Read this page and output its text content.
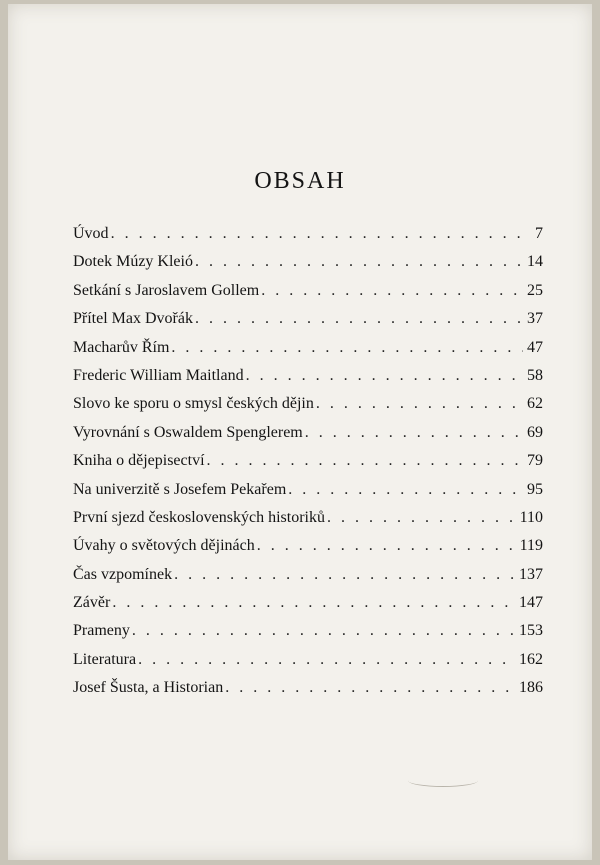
OBSAH
Úvod . . .	7
Dotek Múzy Kleió . . .	14
Setkání s Jaroslavem Gollem . . .	25
Přítel Max Dvořák . . .	37
Macharův Řím . . .	47
Frederic William Maitland . . .	58
Slovo ke sporu o smysl českých dějin . . .	62
Vyrovnání s Oswaldem Spenglerem . . .	69
Kniha o dějepisectví . . .	79
Na univerzitě s Josefem Pekařem . . .	95
První sjezd československých historiků . . .	110
Úvahy o světových dějinách . . .	119
Čas vzpomínek . . .	137
Závěr . . .	147
Prameny . . .	153
Literatura . . .	162
Josef Šusta, a Historian . . .	186
